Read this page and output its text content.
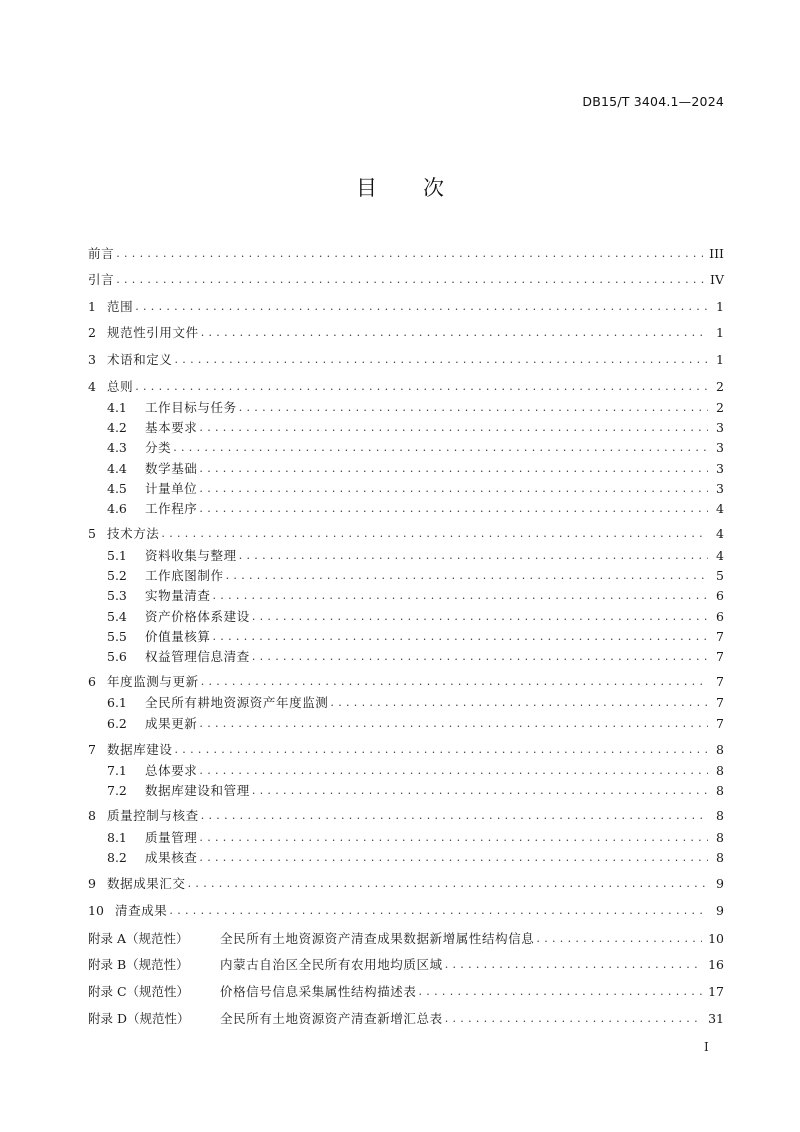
DB15/T 3404.1—2024
目 次
前言 . . .	III
引言 . . .	IV
1 范围 . . .	1
2 规范性引用文件 . . .	1
3 术语和定义 . . .	1
4 总则 . . .	2
4.1	工作目标与任务 . . .	2
4.2	基本要求 . . .	3
4.3	分类 . . .	3
4.4	数学基础 . . .	3
4.5	计量单位 . . .	3
4.6	工作程序 . . .	4
5 技术方法 . . .	4
5.1	资料收集与整理 . . .	4
5.2	工作底图制作 . . .	5
5.3	实物量清查 . . .	6
5.4	资产价格体系建设 . . .	6
5.5	价值量核算 . . .	7
5.6	权益管理信息清查 . . .	7
6 年度监测与更新 . . .	7
6.1	全民所有耕地资源资产年度监测 . . .	7
6.2	成果更新 . . .	7
7 数据库建设 . . .	8
7.1	总体要求 . . .	8
7.2	数据库建设和管理 . . .	8
8 质量控制与核查 . . .	8
8.1	质量管理 . . .	8
8.2	成果核查 . . .	8
9 数据成果汇交 . . .	9
10 清查成果 . . .	9
附录 A（规范性）	全民所有土地资源资产清查成果数据新增属性结构信息 . . .	10
附录 B（规范性）	内蒙古自治区全民所有农用地均质区域 . . .	16
附录 C（规范性）	价格信号信息采集属性结构描述表 . . .	17
附录 D（规范性）	全民所有土地资源资产清查新增汇总表 . . .	31
I
